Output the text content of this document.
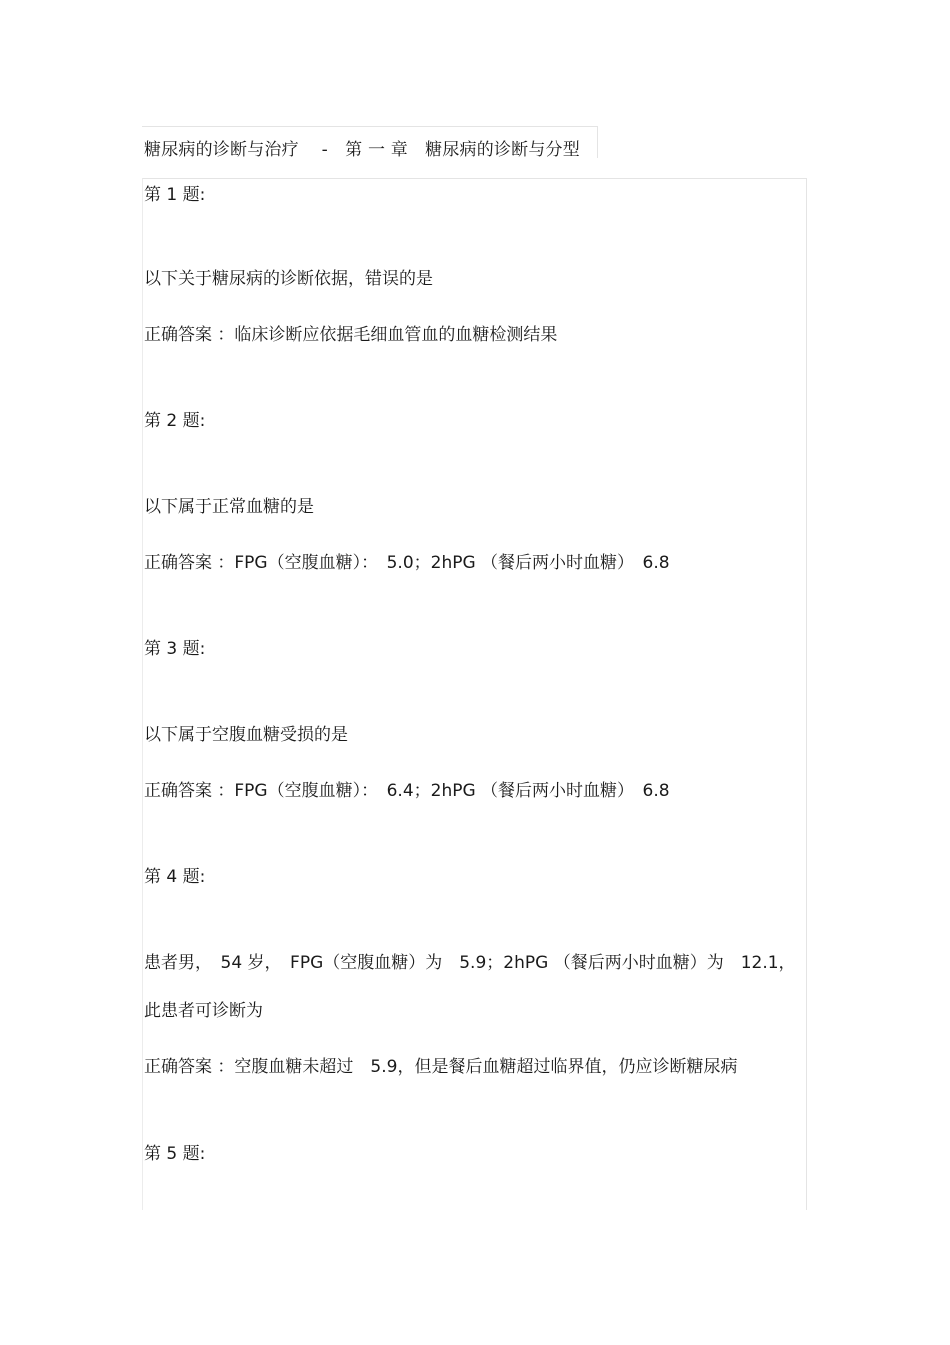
糖尿病的诊断与治疗　 -　第 一 章　糖尿病的诊断与分型
第 1 题:
以下关于糖尿病的诊断依据，错误的是
正确答案 ：临床诊断应依据毛细血管血的血糖检测结果
第 2 题:
以下属于正常血糖的是
正确答案 ：FPG（空腹血糖）：　5.0；2hPG （餐后两小时血糖）　6.8
第 3 题:
以下属于空腹血糖受损的是
正确答案 ：FPG（空腹血糖）：　6.4；2hPG （餐后两小时血糖）　6.8
第 4 题:
患者男，　54 岁，　FPG（空腹血糖）为　5.9；2hPG （餐后两小时血糖）为　12.1，
此患者可诊断为
正确答案 ：空腹血糖未超过　5.9，但是餐后血糖超过临界值，仍应诊断糖尿病
第 5 题:
